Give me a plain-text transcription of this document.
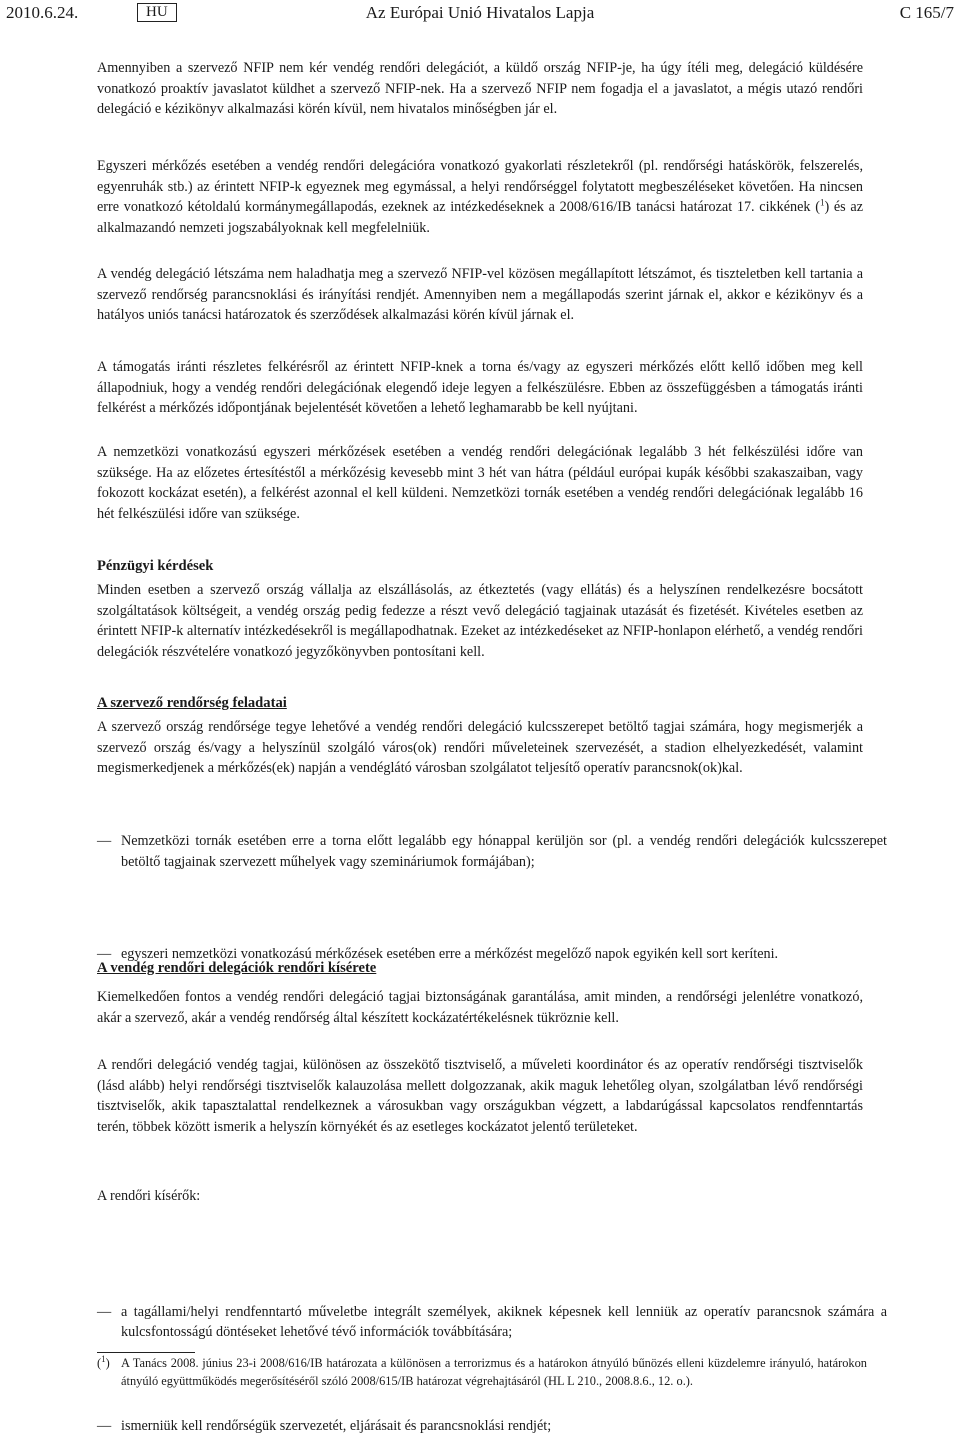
Az Európai Unió Hivatalos Lapja
2010.6.24.	HU	C 165/7

Amennyiben a szervező NFIP nem kér vendég rendőri delegációt, a küldő ország NFIP-je, ha úgy ítéli meg, delegáció küldésére vonatkozó proaktív javaslatot küldhet a szervező NFIP-nek. Ha a szervező NFIP nem fogadja el a javaslatot, a mégis utazó rendőri delegáció e kézikönyv alkalmazási körén kívül, nem hivatalos minőségben jár el.

Egyszeri mérkőzés esetében a vendég rendőri delegációra vonatkozó gyakorlati részletekről (pl. rendőrségi hatáskörök, felszerelés, egyenruhák stb.) az érintett NFIP-k egyeznek meg egymással, a helyi rendőrséggel folytatott megbeszéléseket követően. Ha nincsen erre vonatkozó kétoldalú kormánymegállapodás, ezeknek az intézkedéseknek a 2008/616/IB tanácsi határozat 17. cikkének ($^1$) és az alkalmazandó nemzeti jogszabályoknak kell megfelelniük.

A vendég delegáció létszáma nem haladhatja meg a szervező NFIP-vel közösen megállapított létszámot, és tiszteletben kell tartania a szervező rendőrség parancsnoklási és irányítási rendjét. Amennyiben nem a megállapodás szerint járnak el, akkor e kézikönyv és a hatályos uniós tanácsi határozatok és szerződések alkalmazási körén kívül járnak el.

A támogatás iránti részletes felkérésről az érintett NFIP-knek a torna és/vagy az egyszeri mérkőzés előtt kellő időben meg kell állapodniuk, hogy a vendég rendőri delegációnak elegendő ideje legyen a felkészülésre. Ebben az összefüggésben a támogatás iránti felkérést a mérkőzés időpontjának bejelentését követően a lehető leghamarabb be kell nyújtani.

A nemzetközi vonatkozású egyszeri mérkőzések esetében a vendég rendőri delegációnak legalább 3 hét felkészülési időre van szüksége. Ha az előzetes értesítéstől a mérkőzésig kevesebb mint 3 hét van hátra (például európai kupák későbbi szakaszaiban, vagy fokozott kockázat esetén), a felkérést azonnal el kell küldeni. Nemzetközi tornák esetében a vendég rendőri delegációnak legalább 16 hét felkészülési időre van szüksége.

Pénzügyi kérdések

Minden esetben a szervező ország vállalja az elszállásolás, az étkeztetés (vagy ellátás) és a helyszínen rendelkezésre bocsátott szolgáltatások költségeit, a vendég ország pedig fedezze a részt vevő delegáció tagjainak utazását és fizetését. Kivételes esetben az érintett NFIP-k alternatív intézkedésekről is megállapodhatnak. Ezeket az intézkedéseket az NFIP-honlapon elérhető, a vendég rendőri delegációk részvételére vonatkozó jegyzőkönyvben pontosítani kell.

A szervező rendőrség feladatai

A szervező ország rendőrsége tegye lehetővé a vendég rendőri delegáció kulcsszerepet betöltő tagjai számára, hogy megismerjék a szervező ország és/vagy a helyszínül szolgáló város(ok) rendőri műveleteinek szervezését, a stadion elhelyezkedését, valamint megismerkedjenek a mérkőzés(ek) napján a vendéglátó városban szolgálatot teljesítő operatív parancsnok(ok)kal.

— Nemzetközi tornák esetében erre a torna előtt legalább egy hónappal kerüljön sor (pl. a vendég rendőri delegációk kulcsszerepet betöltő tagjainak szervezett műhelyek vagy szemináriumok formájában);

— egyszeri nemzetközi vonatkozású mérkőzések esetében erre a mérkőzést megelőző napok egyikén kell sort keríteni.

A vendég rendőri delegációk rendőri kísérete

Kiemelkedően fontos a vendég rendőri delegáció tagjai biztonságának garantálása, amit minden, a rendőrségi jelenlétre vonatkozó, akár a szervező, akár a vendég rendőrség által készített kockázatértékelésnek tükröznie kell.

A rendőri delegáció vendég tagjai, különösen az összekötő tisztviselő, a műveleti koordinátor és az operatív rendőrségi tisztviselők (lásd alább) helyi rendőrségi tisztviselők kalauzolása mellett dolgozzanak, akik maguk lehetőleg olyan, szolgálatban lévő rendőrségi tisztviselők, akik tapasztalattal rendelkeznek a városukban vagy országukban végzett, a labdarúgással kapcsolatos rendfenntartás terén, többek között ismerik a helyszín környékét és az esetleges kockázatot jelentő területeket.

A rendőri kísérők:

— a tagállami/helyi rendfenntartó műveletbe integrált személyek, akiknek képesnek kell lenniük az operatív parancsnok számára a kulcsfontosságú döntéseket lehetővé tévő információk továbbítására;

— ismerniük kell rendőrségük szervezetét, eljárásait és parancsnoklási rendjét;

($^1$) A Tanács 2008. június 23-i 2008/616/IB határozata a különösen a terrorizmus és a határokon átnyúló bűnözés elleni küzdelemre irányuló, határokon átnyúló együttműködés megerősítéséről szóló 2008/615/IB határozat végrehajtásáról (HL L 210., 2008.8.6., 12. o.).
